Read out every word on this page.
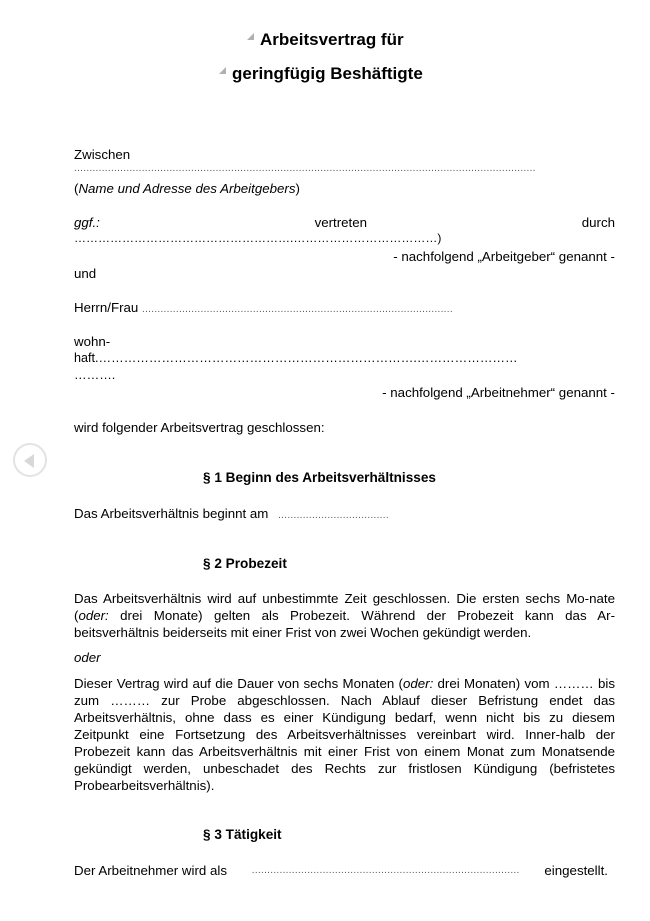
Arbeitsvertrag für
geringfügig Beshäftigte
Zwischen
......................................................................................................................................................
(Name und Adresse des Arbeitgebers)
ggf.:	vertreten	durch
……………………………………………….………………………………)
- nachfolgend „Arbeitgeber“ genannt -
und
Herrn/Frau .....................................................................................................
wohn-
haft.………………………………………………………………….……………………
……….
- nachfolgend „Arbeitnehmer“ genannt -
wird folgender Arbeitsvertrag geschlossen:
§ 1 Beginn des Arbeitsverhältnisses
Das Arbeitsverhältnis beginnt am ....................................
§ 2 Probezeit
Das Arbeitsverhältnis wird auf unbestimmte Zeit geschlossen. Die ersten sechs Mo-nate (oder: drei Monate) gelten als Probezeit. Während der Probezeit kann das Ar-beitsverhältnis beiderseits mit einer Frist von zwei Wochen gekündigt werden.
oder
Dieser Vertrag wird auf die Dauer von sechs Monaten (oder: drei Monaten) vom ……… bis zum ……… zur Probe abgeschlossen. Nach Ablauf dieser Befristung endet das Arbeitsverhältnis, ohne dass es einer Kündigung bedarf, wenn nicht bis zu diesem Zeitpunkt eine Fortsetzung des Arbeitsverhältnisses vereinbart wird. Inner-halb der Probezeit kann das Arbeitsverhältnis mit einer Frist von einem Monat zum Monatsende gekündigt werden, unbeschadet des Rechts zur fristlosen Kündigung (befristetes Probearbeitsverhältnis).
§ 3 Tätigkeit
Der Arbeitnehmer wird als ....................................................................................... eingestellt.
